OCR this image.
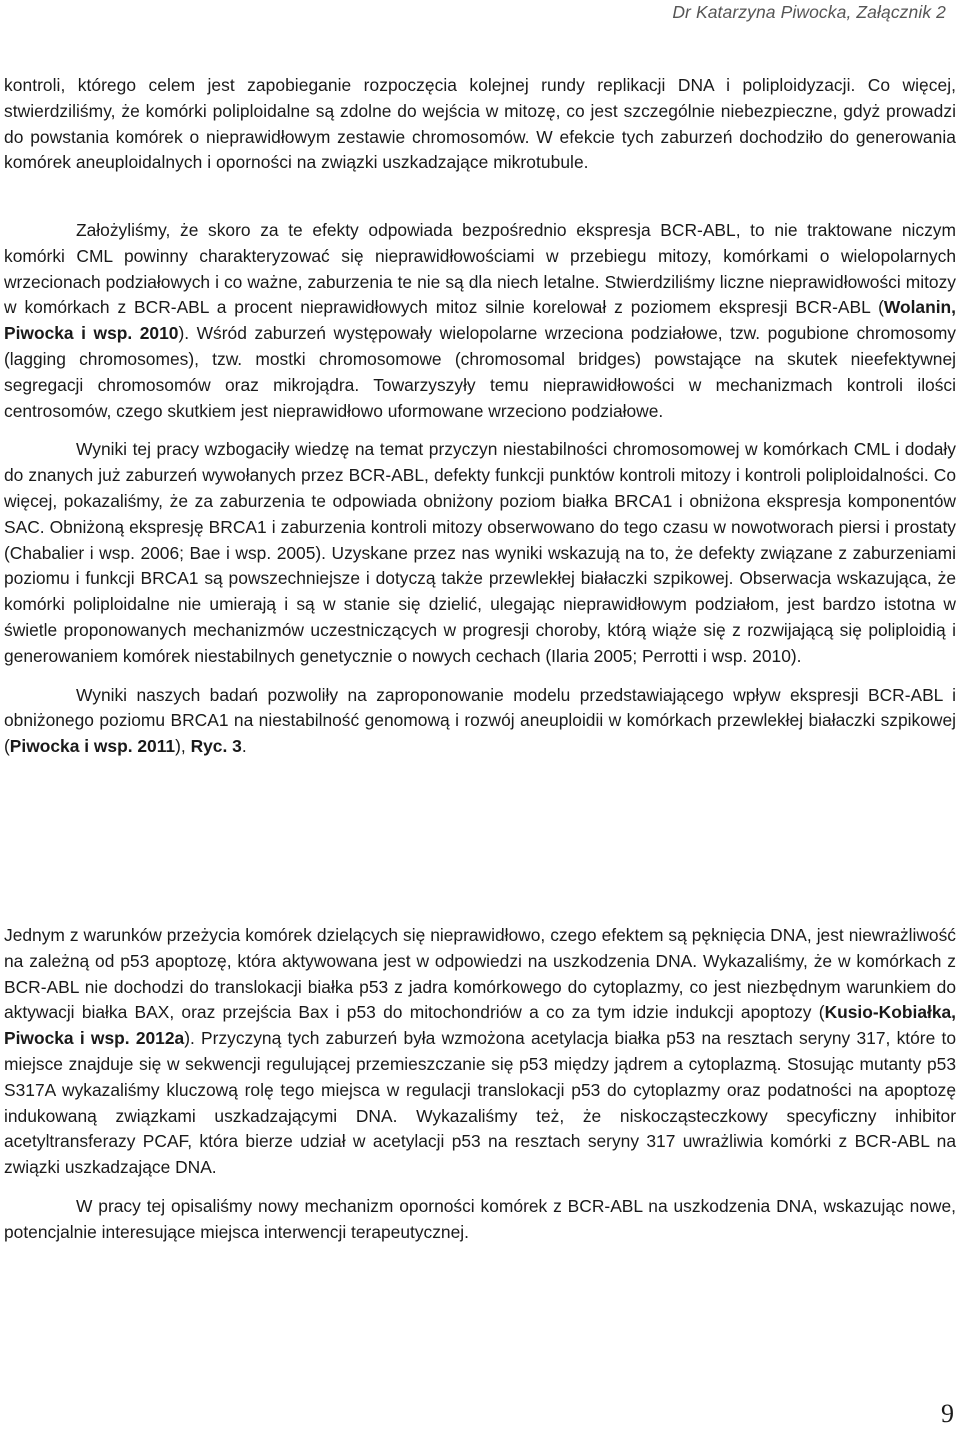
Dr Katarzyna Piwocka, Załącznik 2

kontroli, którego celem jest zapobieganie rozpoczęcia kolejnej rundy replikacji DNA i poliploidyzacji. Co więcej, stwierdziliśmy, że komórki poliploidalne są zdolne do wejścia w mitozę, co jest szczególnie niebezpieczne, gdyż prowadzi do powstania komórek o nieprawidłowym zestawie chromosomów. W efekcie tych zaburzeń dochodziło do generowania komórek aneuploidalnych i oporności na związki uszkadzające mikrotubule.

Założyliśmy, że skoro za te efekty odpowiada bezpośrednio ekspresja BCR-ABL, to nie traktowane niczym komórki CML powinny charakteryzować się nieprawidłowościami w przebiegu mitozy, komórkami o wielopolarnych wrzecionach podziałowych i co ważne, zaburzenia te nie są dla niech letalne. Stwierdziliśmy liczne nieprawidłowości mitozy w komórkach z BCR-ABL a procent nieprawidłowych mitoz silnie korelował z poziomem ekspresji BCR-ABL (Wolanin, Piwocka i wsp. 2010). Wśród zaburzeń występowały wielopolarne wrzeciona podziałowe, tzw. pogubione chromosomy (lagging chromosomes), tzw. mostki chromosomowe (chromosomal bridges) powstające na skutek nieefektywnej segregacji chromosomów oraz mikrojądra. Towarzyszyły temu nieprawidłowości w mechanizmach kontroli ilości centrosomów, czego skutkiem jest nieprawidłowo uformowane wrzeciono podziałowe.

Wyniki tej pracy wzbogaciły wiedzę na temat przyczyn niestabilności chromosomowej w komórkach CML i dodały do znanych już zaburzeń wywołanych przez BCR-ABL, defekty funkcji punktów kontroli mitozy i kontroli poliploidalności. Co więcej, pokazaliśmy, że za zaburzenia te odpowiada obniżony poziom białka BRCA1 i obniżona ekspresja komponentów SAC. Obniżoną ekspresję BRCA1 i zaburzenia kontroli mitozy obserwowano do tego czasu w nowotworach piersi i prostaty (Chabalier i wsp. 2006; Bae i wsp. 2005). Uzyskane przez nas wyniki wskazują na to, że defekty związane z zaburzeniami poziomu i funkcji BRCA1 są powszechniejsze i dotyczą także przewlekłej białaczki szpikowej. Obserwacja wskazująca, że komórki poliploidalne nie umierają i są w stanie się dzielić, ulegając nieprawidłowym podziałom, jest bardzo istotna w świetle proponowanych mechanizmów uczestniczących w progresji choroby, którą wiąże się z rozwijającą się poliploidią i generowaniem komórek niestabilnych genetycznie o nowych cechach (Ilaria 2005; Perrotti i wsp. 2010).

Wyniki naszych badań pozwoliły na zaproponowanie modelu przedstawiającego wpływ ekspresji BCR-ABL i obniżonego poziomu BRCA1 na niestabilność genomową i rozwój aneuploidii w komórkach przewlekłej białaczki szpikowej (Piwocka i wsp. 2011), Ryc. 3.

Jednym z warunków przeżycia komórek dzielących się nieprawidłowo, czego efektem są pęknięcia DNA, jest niewrażliwość na zależną od p53 apoptozę, która aktywowana jest w odpowiedzi na uszkodzenia DNA. Wykazaliśmy, że w komórkach z BCR-ABL nie dochodzi do translokacji białka p53 z jadra komórkowego do cytoplazmy, co jest niezbędnym warunkiem do aktywacji białka BAX, oraz przejścia Bax i p53 do mitochondriów a co za tym idzie indukcji apoptozy (Kusio-Kobiałka, Piwocka i wsp. 2012a). Przyczyną tych zaburzeń była wzmożona acetylacja białka p53 na resztach seryny 317, które to miejsce znajduje się w sekwencji regulującej przemieszczanie się p53 między jądrem a cytoplazmą. Stosując mutanty p53 S317A wykazaliśmy kluczową rolę tego miejsca w regulacji translokacji p53 do cytoplazmy oraz podatności na apoptozę indukowaną związkami uszkadzającymi DNA. Wykazaliśmy też, że niskocząsteczkowy specyficzny inhibitor acetyltransferazy PCAF, która bierze udział w acetylacji p53 na resztach seryny 317 uwrażliwia komórki z BCR-ABL na związki uszkadzające DNA.

W pracy tej opisaliśmy nowy mechanizm oporności komórek z BCR-ABL na uszkodzenia DNA, wskazując nowe, potencjalnie interesujące miejsca interwencji terapeutycznej.

9
